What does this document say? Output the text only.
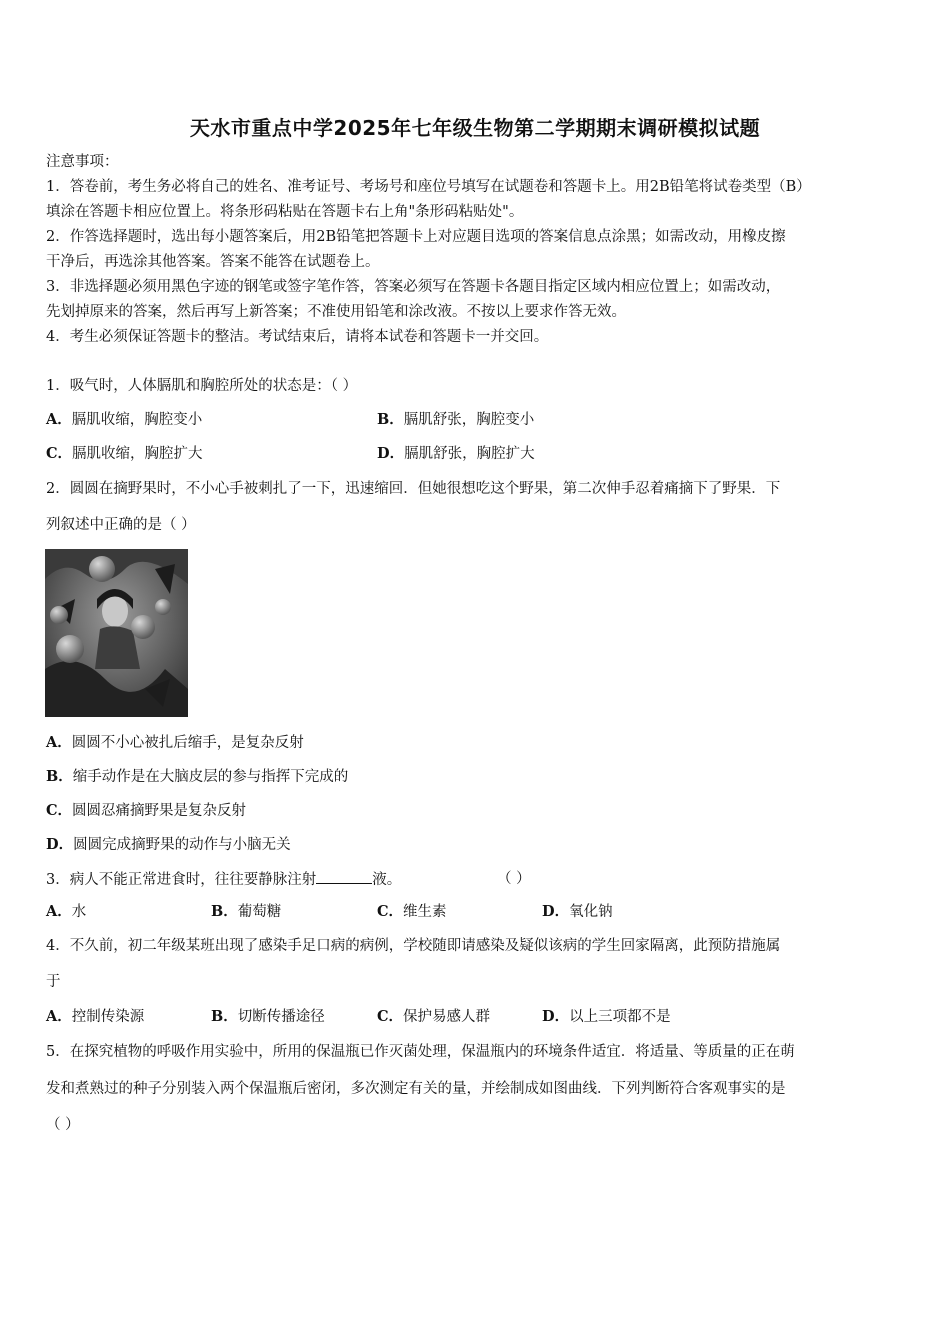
天水市重点中学2025年七年级生物第二学期期末调研模拟试题
注意事项：
1．答卷前，考生务必将自己的姓名、准考证号、考场号和座位号填写在试题卷和答题卡上。用2B铅笔将试卷类型（B）
填涂在答题卡相应位置上。将条形码粘贴在答题卡右上角"条形码粘贴处"。
2．作答选择题时，选出每小题答案后，用2B铅笔把答题卡上对应题目选项的答案信息点涂黑；如需改动，用橡皮擦
干净后，再选涂其他答案。答案不能答在试题卷上。
3．非选择题必须用黑色字迹的钢笔或签字笔作答，答案必须写在答题卡各题目指定区域内相应位置上；如需改动，
先划掉原来的答案，然后再写上新答案；不准使用铅笔和涂改液。不按以上要求作答无效。
4．考生必须保证答题卡的整洁。考试结束后，请将本试卷和答题卡一并交回。
1．吸气时，人体膈肌和胸腔所处的状态是：（ ）
A．膈肌收缩，胸腔变小	B．膈肌舒张，胸腔变小
C．膈肌收缩，胸腔扩大	D．膈肌舒张，胸腔扩大
2．圆圆在摘野果时，不小心手被刺扎了一下，迅速缩回．但她很想吃这个野果，第二次伸手忍着痛摘下了野果．下
列叙述中正确的是（ ）
A．圆圆不小心被扎后缩手，是复杂反射
B．缩手动作是在大脑皮层的参与指挥下完成的
C．圆圆忍痛摘野果是复杂反射
D．圆圆完成摘野果的动作与小脑无关
3．病人不能正常进食时，往往要静脉注射	液。	（ ）
A．水	B．葡萄糖	C．维生素	D．氧化钠
4．不久前，初二年级某班出现了感染手足口病的病例，学校随即请感染及疑似该病的学生回家隔离，此预防措施属
于
A．控制传染源	B．切断传播途径	C．保护易感人群	D．以上三项都不是
5．在探究植物的呼吸作用实验中，所用的保温瓶已作灭菌处理，保温瓶内的环境条件适宜．将适量、等质量的正在萌
发和煮熟过的种子分别装入两个保温瓶后密闭，多次测定有关的量，并绘制成如图曲线．下列判断符合客观事实的是
（ ）
